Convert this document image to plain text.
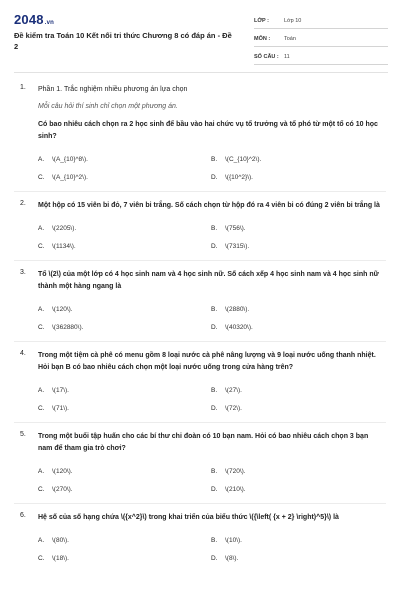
2048.vn
Đề kiểm tra Toán 10 Kết nối tri thức Chương 8 có đáp án - Đề 2
LỚP :	Lớp 10
MÔN :	Toán
SỐ CÂU : 11
1. Phần 1. Trắc nghiệm nhiều phương án lựa chọn
Mỗi câu hỏi thí sinh chỉ chọn một phương án.
Có bao nhiêu cách chọn ra 2 học sinh để bầu vào hai chức vụ tổ trưởng và tổ phó từ một tổ có 10 học sinh?
A.	\(A_{10}^8\).	B.	\(C_{10}^2\).
C.	\(A_{10}^2\).	D.	\({10^2}\).
2. Một hộp có 15 viên bi đỏ, 7 viên bi trắng. Số cách chọn từ hộp đó ra 4 viên bi có đúng 2 viên bi trắng là
A.	\(2205\).	B.	\(756\).
C.	\(1134\).	D.	\(7315\).
3. Tổ \(2\) của một lớp có 4 học sinh nam và 4 học sinh nữ. Số cách xếp 4 học sinh nam và 4 học sinh nữ thành một hàng ngang là
A.	\(120\).	B.	\(2880\).
C.	\(362880\).	D.	\(40320\).
4. Trong một tiệm cà phê có menu gồm 8 loại nước cà phê nâng lượng và 9 loại nước uống thanh nhiệt. Hỏi bạn B có bao nhiêu cách chọn một loại nước uống trong cửa hàng trên?
A.	\(17\).	B.	\(27\).
C.	\(71\).	D.	\(72\).
5. Trong một buổi tập huấn cho các bí thư chi đoàn có 10 bạn nam. Hỏi có bao nhiêu cách chọn 3 bạn nam để tham gia trò chơi?
A.	\(120\).	B.	\(720\).
C.	\(270\).	D.	\(210\).
6. Hệ số của số hạng chứa \({x^2}\) trong khai triển của biểu thức \({\left( {x + 2} \right)^5}\) là
A.	\(80\).	B.	\(10\).
C.	\(18\).	D.	\(8\).
